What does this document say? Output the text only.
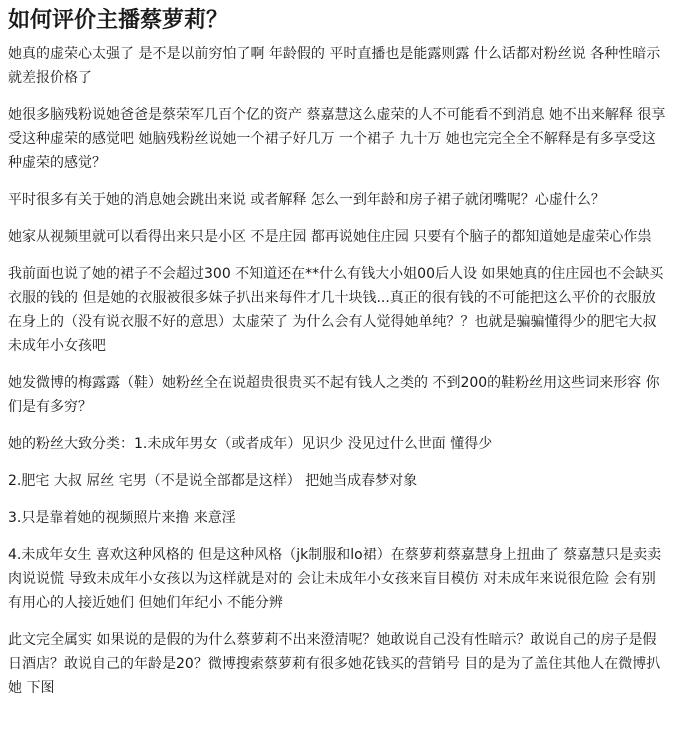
如何评价主播蔡萝莉？

她真的虚荣心太强了 是不是以前穷怕了啊 年龄假的 平时直播也是能露则露 什么话都对粉丝说 各种性暗示就差报价格了

她很多脑残粉说她爸爸是蔡荣军几百个亿的资产 蔡嘉慧这么虚荣的人不可能看不到消息 她不出来解释 很享受这种虚荣的感觉吧 她脑残粉丝说她一个裙子好几万 一个裙子 九十万 她也完完全全不解释是有多享受这种虚荣的感觉？

平时很多有关于她的消息她会跳出来说 或者解释 怎么一到年龄和房子裙子就闭嘴呢？心虚什么？

她家从视频里就可以看得出来只是小区 不是庄园 都再说她住庄园 只要有个脑子的都知道她是虚荣心作祟

我前面也说了她的裙子不会超过300 不知道还在**什么有钱大小姐00后人设 如果她真的住庄园也不会缺买衣服的钱的 但是她的衣服被很多妹子扒出来每件才几十块钱...真正的很有钱的不可能把这么平价的衣服放在身上的（没有说衣服不好的意思）太虚荣了 为什么会有人觉得她单纯？？也就是骗骗懂得少的肥宅大叔未成年小女孩吧

她发微博的梅露露（鞋）她粉丝全在说超贵很贵买不起有钱人之类的 不到200的鞋粉丝用这些词来形容 你们是有多穷？

她的粉丝大致分类：1.未成年男女（或者成年）见识少 没见过什么世面 懂得少

2.肥宅 大叔 屌丝 宅男（不是说全部都是这样） 把她当成春梦对象

3.只是靠着她的视频照片来撸 来意淫

4.未成年女生 喜欢这种风格的 但是这种风格（jk制服和lo裙）在蔡萝莉蔡嘉慧身上扭曲了 蔡嘉慧只是卖卖肉说说慌 导致未成年小女孩以为这样就是对的 会让未成年小女孩来盲目模仿 对未成年来说很危险 会有别有用心的人接近她们 但她们年纪小 不能分辨

此文完全属实 如果说的是假的为什么蔡萝莉不出来澄清呢？她敢说自己没有性暗示？敢说自己的房子是假日酒店？敢说自己的年龄是20？微博搜索蔡萝莉有很多她花钱买的营销号 目的是为了盖住其他人在微博扒她 下图
